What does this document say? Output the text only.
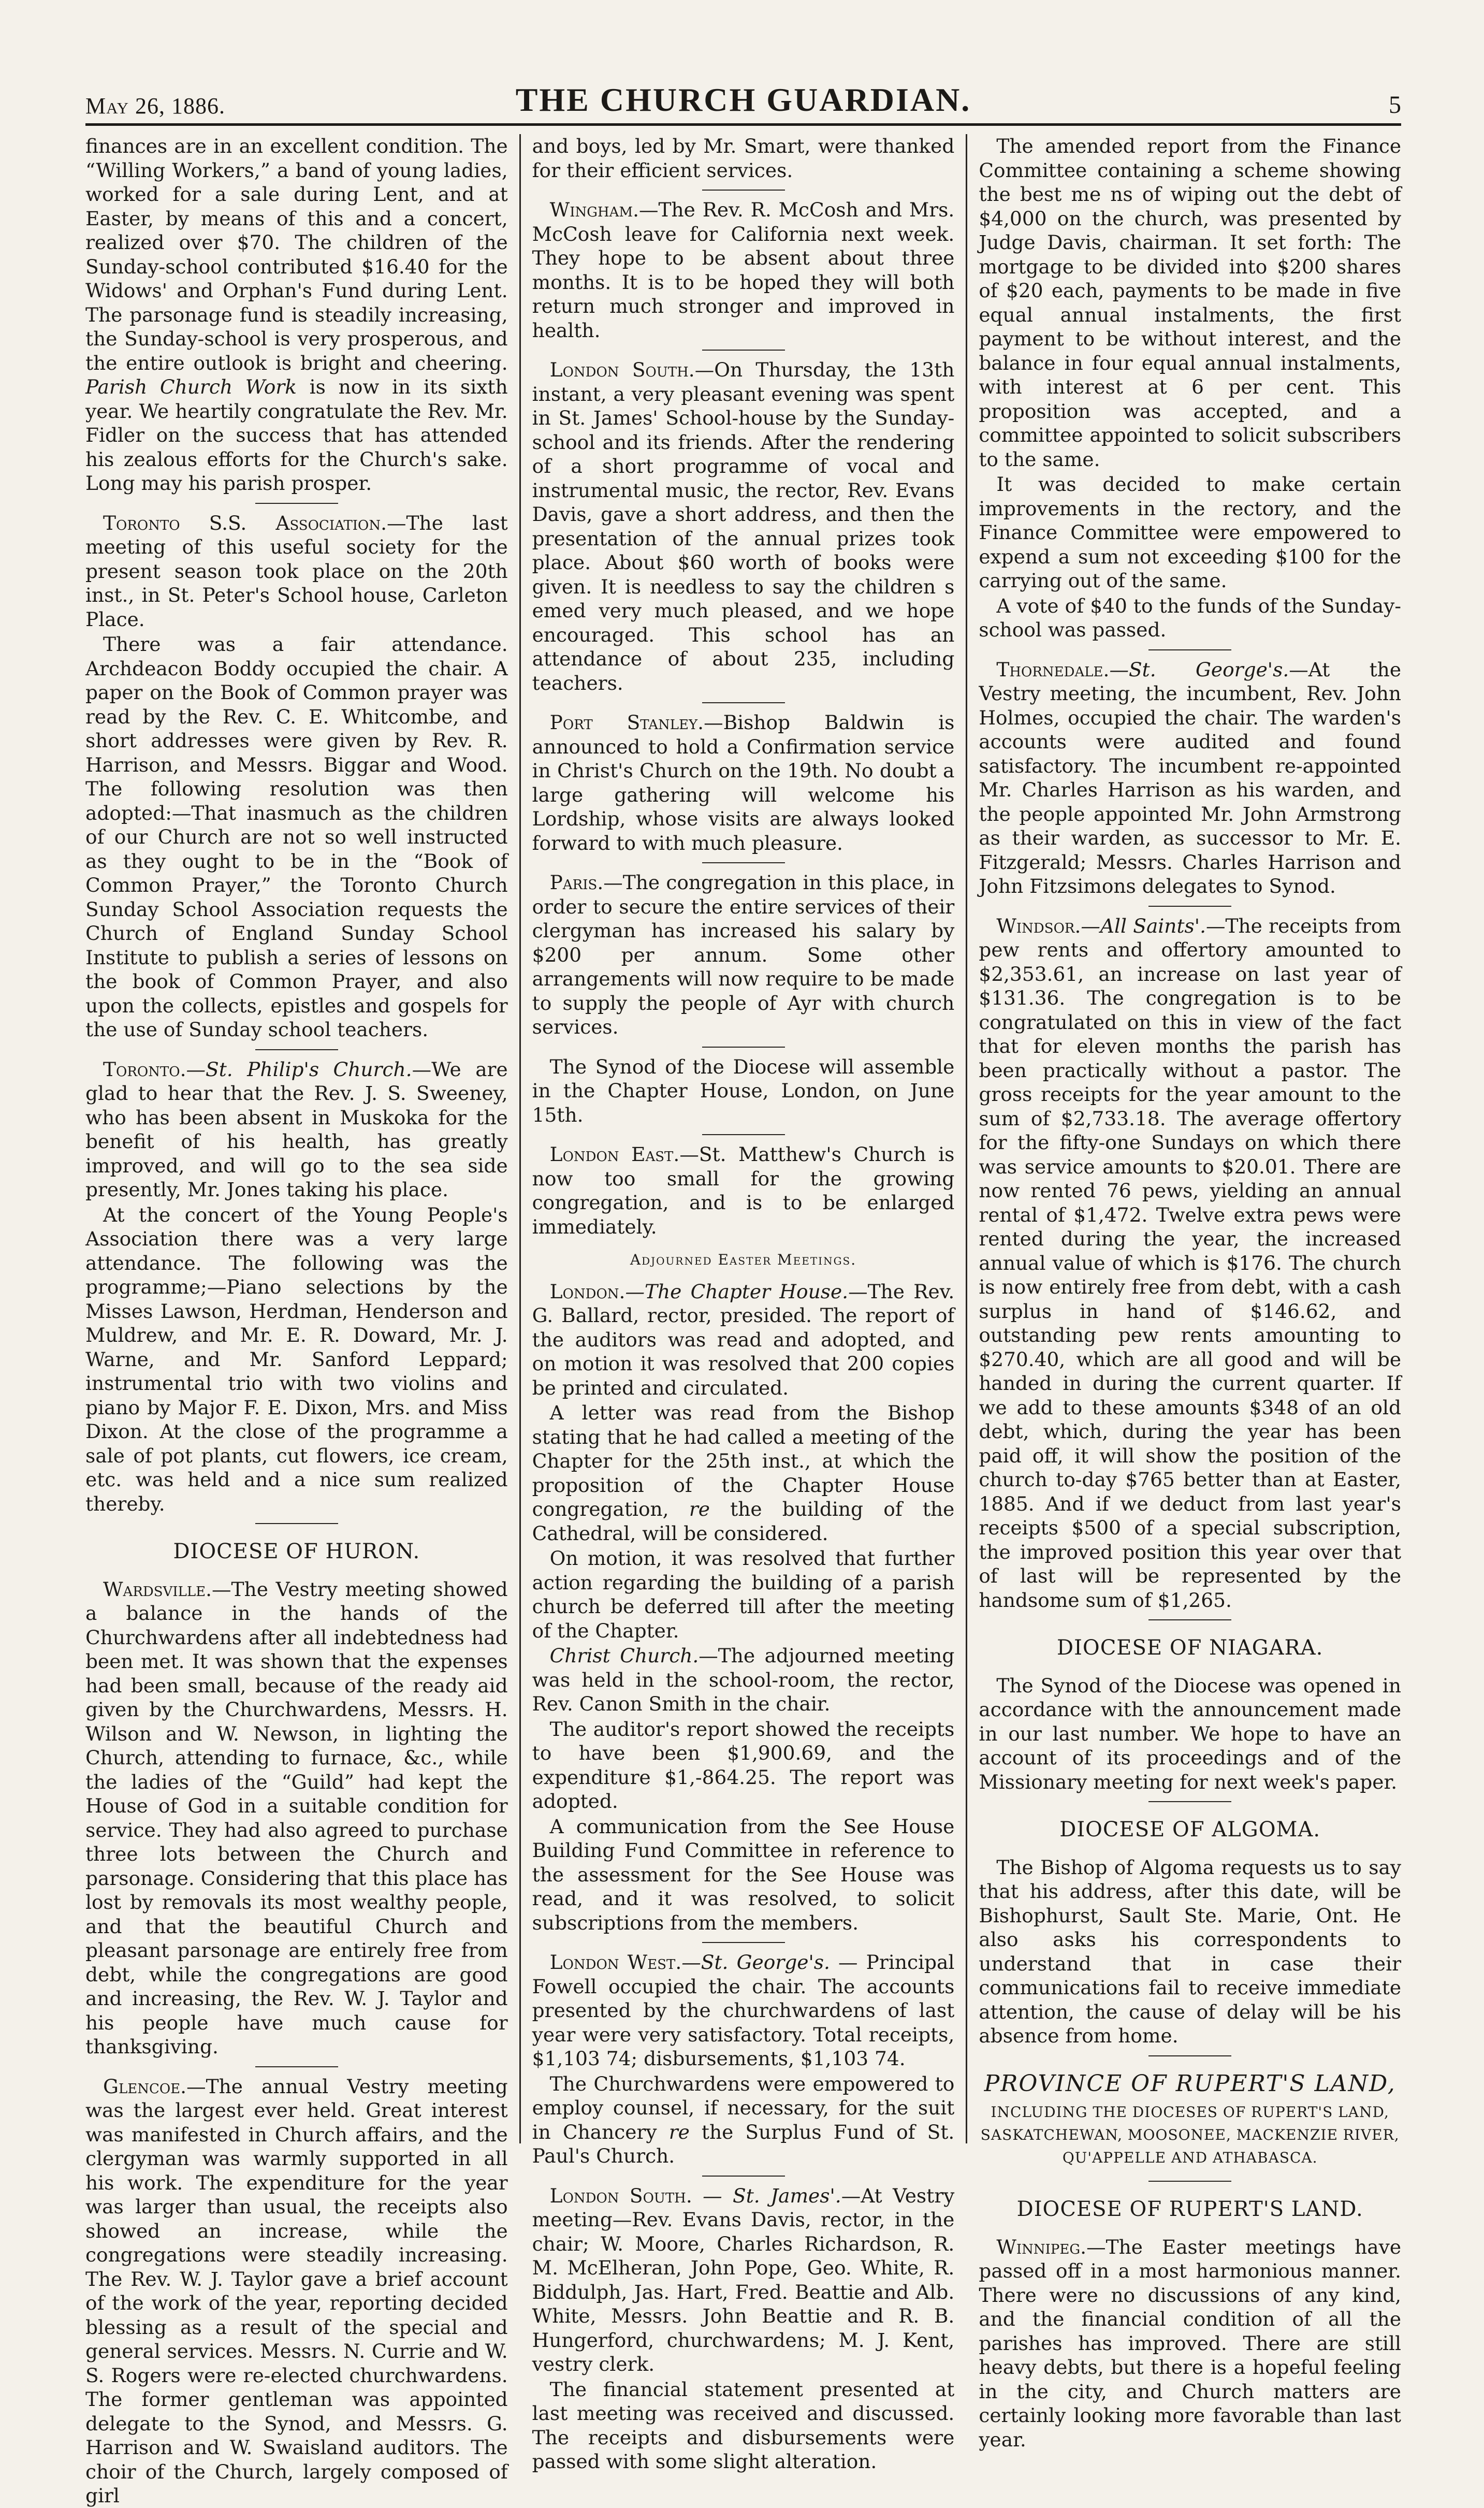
May 26, 1886.	THE CHURCH GUARDIAN.	5

finances are in an excellent condition. The “Willing Workers,” a band of young ladies, worked for a sale during Lent, and at Easter, by means of this and a concert, realized over $70. The children of the Sunday-school contributed $16.40 for the Widows' and Orphan's Fund during Lent. The parsonage fund is steadily increasing, the Sunday-school is very prosperous, and the entire outlook is bright and cheering. Parish Church Work is now in its sixth year. We heartily congratulate the Rev. Mr. Fidler on the success that has attended his zealous efforts for the Church's sake. Long may his parish prosper.

Toronto S.S. Association.—The last meeting of this useful society for the present season took place on the 20th inst., in St. Peter's School house, Carleton Place.

There was a fair attendance. Archdeacon Boddy occupied the chair. A paper on the Book of Common prayer was read by the Rev. C. E. Whitcombe, and short addresses were given by Rev. R. Harrison, and Messrs. Biggar and Wood. The following resolution was then adopted:—That inasmuch as the children of our Church are not so well instructed as they ought to be in the “Book of Common Prayer,” the Toronto Church Sunday School Association requests the Church of England Sunday School Institute to publish a series of lessons on the book of Common Prayer, and also upon the collects, epistles and gospels for the use of Sunday school teachers.

Toronto.—St. Philip's Church.—We are glad to hear that the Rev. J. S. Sweeney, who has been absent in Muskoka for the benefit of his health, has greatly improved, and will go to the sea side presently, Mr. Jones taking his place.

At the concert of the Young People's Association there was a very large attendance. The following was the programme;—Piano selections by the Misses Lawson, Herdman, Henderson and Muldrew, and Mr. E. R. Doward, Mr. J. Warne, and Mr. Sanford Leppard; instrumental trio with two violins and piano by Major F. E. Dixon, Mrs. and Miss Dixon. At the close of the programme a sale of pot plants, cut flowers, ice cream, etc. was held and a nice sum realized thereby.

DIOCESE OF HURON.

Wardsville.—The Vestry meeting showed a balance in the hands of the Churchwardens after all indebtedness had been met. It was shown that the expenses had been small, because of the ready aid given by the Churchwardens, Messrs. H. Wilson and W. Newson, in lighting the Church, attending to furnace, &c., while the ladies of the “Guild” had kept the House of God in a suitable condition for service. They had also agreed to purchase three lots between the Church and parsonage. Considering that this place has lost by removals its most wealthy people, and that the beautiful Church and pleasant parsonage are entirely free from debt, while the congregations are good and increasing, the Rev. W. J. Taylor and his people have much cause for thanksgiving.

Glencoe.—The annual Vestry meeting was the largest ever held. Great interest was manifested in Church affairs, and the clergyman was warmly supported in all his work. The expenditure for the year was larger than usual, the receipts also showed an increase, while the congregations were steadily increasing. The Rev. W. J. Taylor gave a brief account of the work of the year, reporting decided blessing as a result of the special and general services. Messrs. N. Currie and W. S. Rogers were re-elected churchwardens. The former gentleman was appointed delegate to the Synod, and Messrs. G. Harrison and W. Swaisland auditors. The choir of the Church, largely composed of girl

and boys, led by Mr. Smart, were thanked for their efficient services.

Wingham.—The Rev. R. McCosh and Mrs. McCosh leave for California next week. They hope to be absent about three months. It is to be hoped they will both return much stronger and improved in health.

London South.—On Thursday, the 13th instant, a very pleasant evening was spent in St. James' School-house by the Sunday-school and its friends. After the rendering of a short programme of vocal and instrumental music, the rector, Rev. Evans Davis, gave a short address, and then the presentation of the annual prizes took place. About $60 worth of books were given. It is needless to say the children s emed very much pleased, and we hope encouraged. This school has an attendance of about 235, including teachers.

Port Stanley.—Bishop Baldwin is announced to hold a Confirmation service in Christ's Church on the 19th. No doubt a large gathering will welcome his Lordship, whose visits are always looked forward to with much pleasure.

Paris.—The congregation in this place, in order to secure the entire services of their clergyman has increased his salary by $200 per annum. Some other arrangements will now require to be made to supply the people of Ayr with church services.

The Synod of the Diocese will assemble in the Chapter House, London, on June 15th.

London East.—St. Matthew's Church is now too small for the growing congregation, and is to be enlarged immediately.

Adjourned Easter Meetings.

London.—The Chapter House.—The Rev. G. Ballard, rector, presided. The report of the auditors was read and adopted, and on motion it was resolved that 200 copies be printed and circulated.

A letter was read from the Bishop stating that he had called a meeting of the Chapter for the 25th inst., at which the proposition of the Chapter House congregation, re the building of the Cathedral, will be considered.

On motion, it was resolved that further action regarding the building of a parish church be deferred till after the meeting of the Chapter.

Christ Church.—The adjourned meeting was held in the school-room, the rector, Rev. Canon Smith in the chair.

The auditor's report showed the receipts to have been $1,900.69, and the expenditure $1,-864.25. The report was adopted.

A communication from the See House Building Fund Committee in reference to the assessment for the See House was read, and it was resolved, to solicit subscriptions from the members.

London West.—St. George's. — Principal Fowell occupied the chair. The accounts presented by the churchwardens of last year were very satisfactory. Total receipts, $1,103 74; disbursements, $1,103 74.

The Churchwardens were empowered to employ counsel, if necessary, for the suit in Chancery re the Surplus Fund of St. Paul's Church.

London South. — St. James'.—At Vestry meeting—Rev. Evans Davis, rector, in the chair; W. Moore, Charles Richardson, R. M. McElheran, John Pope, Geo. White, R. Biddulph, Jas. Hart, Fred. Beattie and Alb. White, Messrs. John Beattie and R. B. Hungerford, churchwardens; M. J. Kent, vestry clerk.

The financial statement presented at last meeting was received and discussed. The receipts and disbursements were passed with some slight alteration.

The amended report from the Finance Committee containing a scheme showing the best me ns of wiping out the debt of $4,000 on the church, was presented by Judge Davis, chairman. It set forth: The mortgage to be divided into $200 shares of $20 each, payments to be made in five equal annual instalments, the first payment to be without interest, and the balance in four equal annual instalments, with interest at 6 per cent. This proposition was accepted, and a committee appointed to solicit subscribers to the same.

It was decided to make certain improvements in the rectory, and the Finance Committee were empowered to expend a sum not exceeding $100 for the carrying out of the same.

A vote of $40 to the funds of the Sunday-school was passed.

Thornedale.—St. George's.—At the Vestry meeting, the incumbent, Rev. John Holmes, occupied the chair. The warden's accounts were audited and found satisfactory. The incumbent re-appointed Mr. Charles Harrison as his warden, and the people appointed Mr. John Armstrong as their warden, as successor to Mr. E. Fitzgerald; Messrs. Charles Harrison and John Fitzsimons delegates to Synod.

Windsor.—All Saints'.—The receipts from pew rents and offertory amounted to $2,353.61, an increase on last year of $131.36. The congregation is to be congratulated on this in view of the fact that for eleven months the parish has been practically without a pastor. The gross receipts for the year amount to the sum of $2,733.18. The average offertory for the fifty-one Sundays on which there was service amounts to $20.01. There are now rented 76 pews, yielding an annual rental of $1,472. Twelve extra pews were rented during the year, the increased annual value of which is $176. The church is now entirely free from debt, with a cash surplus in hand of $146.62, and outstanding pew rents amounting to $270.40, which are all good and will be handed in during the current quarter. If we add to these amounts $348 of an old debt, which, during the year has been paid off, it will show the position of the church to-day $765 better than at Easter, 1885. And if we deduct from last year's receipts $500 of a special subscription, the improved position this year over that of last will be represented by the handsome sum of $1,265.

DIOCESE OF NIAGARA.

The Synod of the Diocese was opened in accordance with the announcement made in our last number. We hope to have an account of its proceedings and of the Missionary meeting for next week's paper.

DIOCESE OF ALGOMA.

The Bishop of Algoma requests us to say that his address, after this date, will be Bishophurst, Sault Ste. Marie, Ont. He also asks his correspondents to understand that in case their communications fail to receive immediate attention, the cause of delay will be his absence from home.

PROVINCE OF RUPERT'S LAND,
INCLUDING THE DIOCESES OF RUPERT'S LAND, SASKATCHEWAN, MOOSONEE, MACKENZIE RIVER, QU'APPELLE AND ATHABASCA.
DIOCESE OF RUPERT'S LAND.

Winnipeg.—The Easter meetings have passed off in a most harmonious manner. There were no discussions of any kind, and the financial condition of all the parishes has improved. There are still heavy debts, but there is a hopeful feeling in the city, and Church matters are certainly looking more favorable than last year.
